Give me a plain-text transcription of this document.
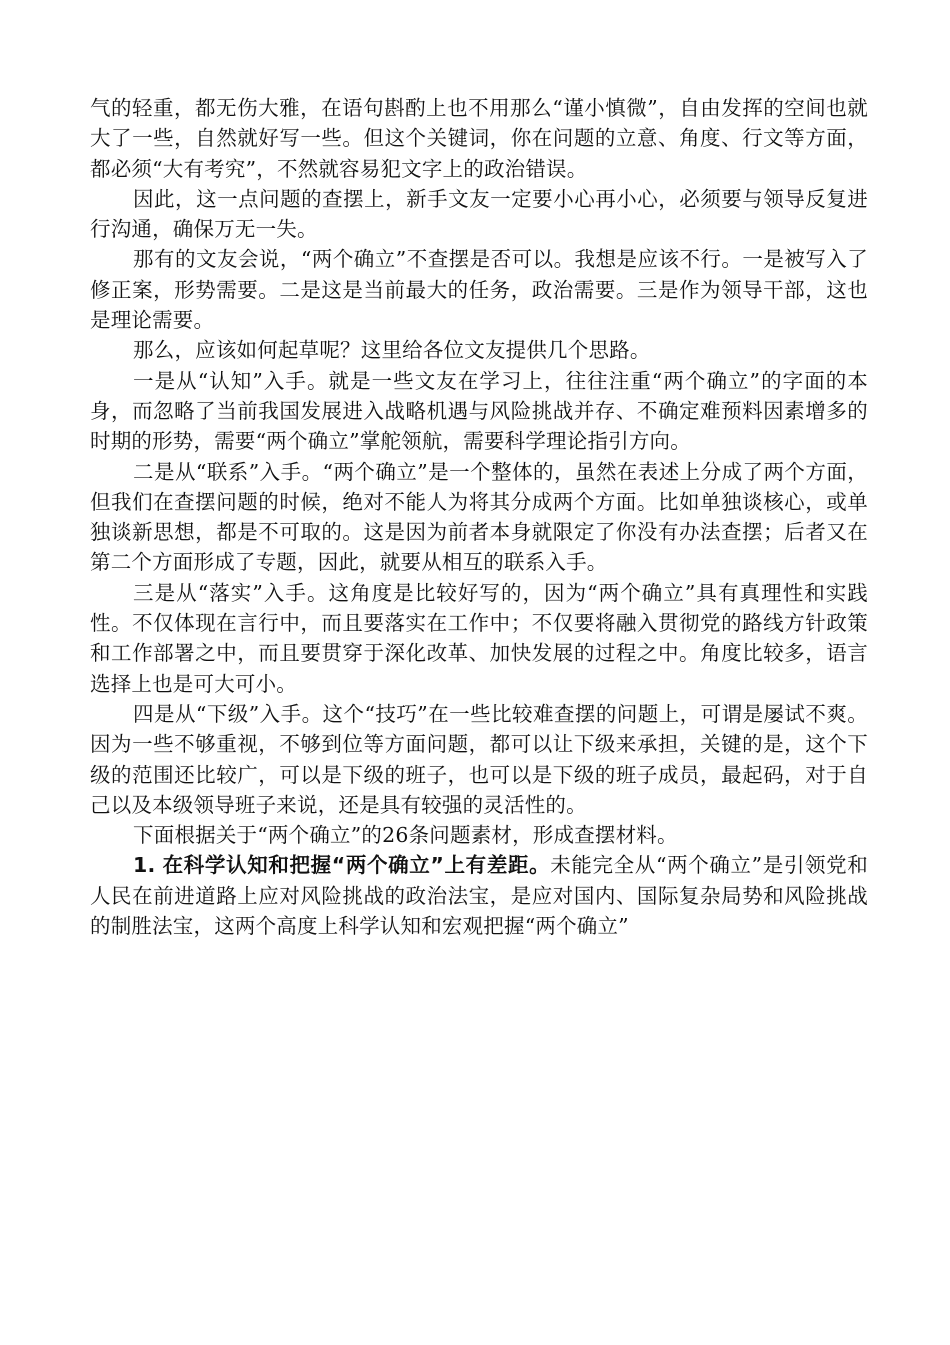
气的轻重，都无伤大雅，在语句斟酌上也不用那么“谨小慎微”，自由发挥的空间也就大了一些，自然就好写一些。但这个关键词，你在问题的立意、角度、行文等方面，都必须“大有考究”，不然就容易犯文字上的政治错误。

因此，这一点问题的查摆上，新手文友一定要小心再小心，必须要与领导反复进行沟通，确保万无一失。

那有的文友会说，“两个确立”不查摆是否可以。我想是应该不行。一是被写入了修正案，形势需要。二是这是当前最大的任务，政治需要。三是作为领导干部，这也是理论需要。

那么，应该如何起草呢？这里给各位文友提供几个思路。

一是从“认知”入手。就是一些文友在学习上，往往注重“两个确立”的字面的本身，而忽略了当前我国发展进入战略机遇与风险挑战并存、不确定难预料因素增多的时期的形势，需要“两个确立”掌舵领航，需要科学理论指引方向。

二是从“联系”入手。“两个确立”是一个整体的，虽然在表述上分成了两个方面，但我们在查摆问题的时候，绝对不能人为将其分成两个方面。比如单独谈核心，或单独谈新思想，都是不可取的。这是因为前者本身就限定了你没有办法查摆；后者又在第二个方面形成了专题，因此，就要从相互的联系入手。

三是从“落实”入手。这角度是比较好写的，因为“两个确立”具有真理性和实践性。不仅体现在言行中，而且要落实在工作中；不仅要将融入贯彻党的路线方针政策和工作部署之中，而且要贯穿于深化改革、加快发展的过程之中。角度比较多，语言选择上也是可大可小。

四是从“下级”入手。这个“技巧”在一些比较难查摆的问题上，可谓是屡试不爽。因为一些不够重视，不够到位等方面问题，都可以让下级来承担，关键的是，这个下级的范围还比较广，可以是下级的班子，也可以是下级的班子成员，最起码，对于自己以及本级领导班子来说，还是具有较强的灵活性的。

下面根据关于“两个确立”的26条问题素材，形成查摆材料。

1. 在科学认知和把握“两个确立”上有差距。未能完全从“两个确立”是引领党和人民在前进道路上应对风险挑战的政治法宝，是应对国内、国际复杂局势和风险挑战的制胜法宝，这两个高度上科学认知和宏观把握“两个确立”
